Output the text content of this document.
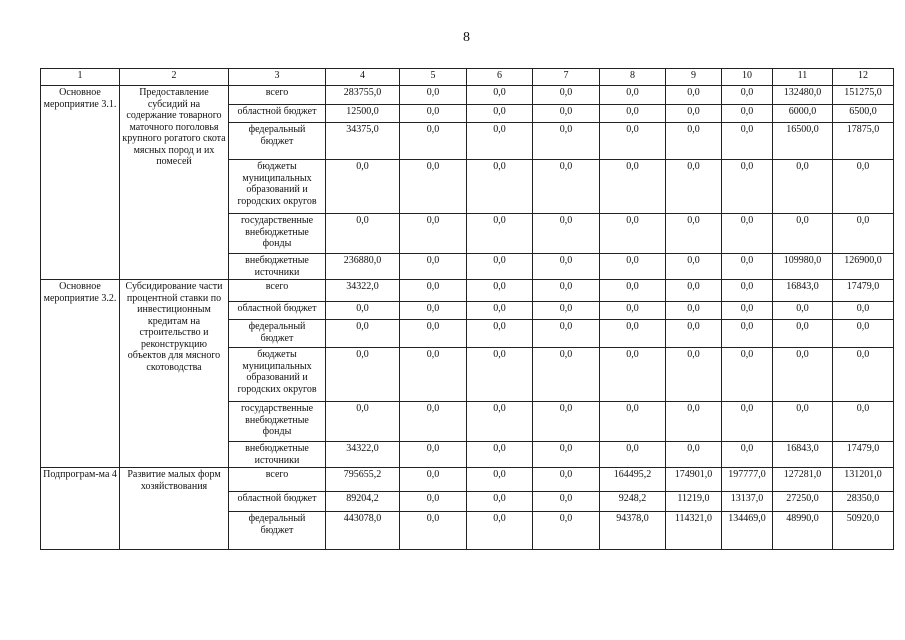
8
1	2	3	4	5	6	7	8	9	10	11	12
Основное мероприятие 3.1.	Предоставление субсидий на содержание товарного маточного поголовья крупного рогатого скота мясных пород и их помесей	всего	283755,0	0,0	0,0	0,0	0,0	0,0	0,0	132480,0	151275,0
		областной бюджет	12500,0	0,0	0,0	0,0	0,0	0,0	0,0	6000,0	6500,0
		федеральный бюджет	34375,0	0,0	0,0	0,0	0,0	0,0	0,0	16500,0	17875,0
		бюджеты муниципальных образований и городских округов	0,0	0,0	0,0	0,0	0,0	0,0	0,0	0,0	0,0
		государственные внебюджетные фонды	0,0	0,0	0,0	0,0	0,0	0,0	0,0	0,0	0,0
		внебюджетные источники	236880,0	0,0	0,0	0,0	0,0	0,0	0,0	109980,0	126900,0
Основное мероприятие 3.2.	Субсидирование части процентной ставки по инвестиционным кредитам на строительство и реконструкцию объектов для мясного скотоводства	всего	34322,0	0,0	0,0	0,0	0,0	0,0	0,0	16843,0	17479,0
		областной бюджет	0,0	0,0	0,0	0,0	0,0	0,0	0,0	0,0	0,0
		федеральный бюджет	0,0	0,0	0,0	0,0	0,0	0,0	0,0	0,0	0,0
		бюджеты муниципальных образований и городских округов	0,0	0,0	0,0	0,0	0,0	0,0	0,0	0,0	0,0
		государственные внебюджетные фонды	0,0	0,0	0,0	0,0	0,0	0,0	0,0	0,0	0,0
		внебюджетные источники	34322,0	0,0	0,0	0,0	0,0	0,0	0,0	16843,0	17479,0
Подпрограм-ма 4	Развитие малых форм хозяйствования	всего	795655,2	0,0	0,0	0,0	164495,2	174901,0	197777,0	127281,0	131201,0
		областной бюджет	89204,2	0,0	0,0	0,0	9248,2	11219,0	13137,0	27250,0	28350,0
		федеральный бюджет	443078,0	0,0	0,0	0,0	94378,0	114321,0	134469,0	48990,0	50920,0
